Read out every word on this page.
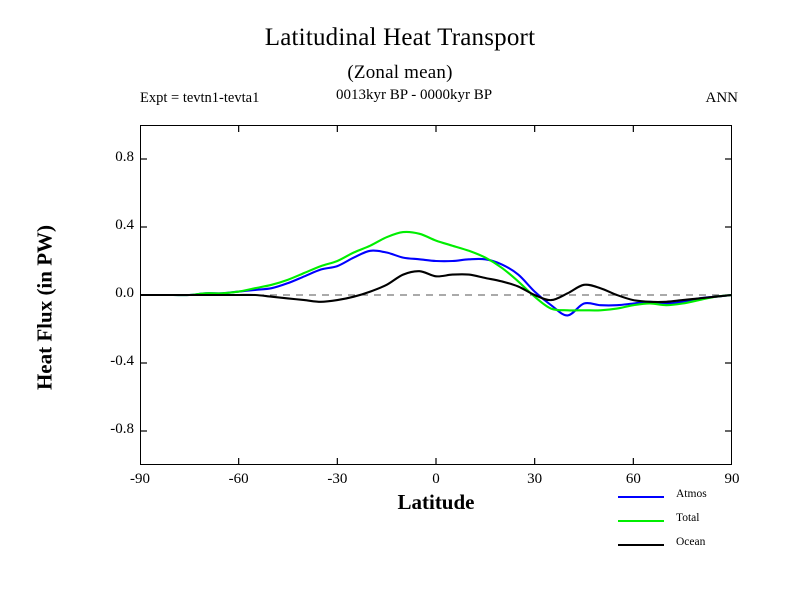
Latitudinal Heat Transport
(Zonal mean)
Expt = tevtn1-tevta1	0013kyr BP - 0000kyr BP	ANN
-0.8
-0.4
0.0
0.4
0.8
-90	-60	-30	0	30	60	90
Heat Flux (in PW)
Latitude	Atmos
Total
Ocean
